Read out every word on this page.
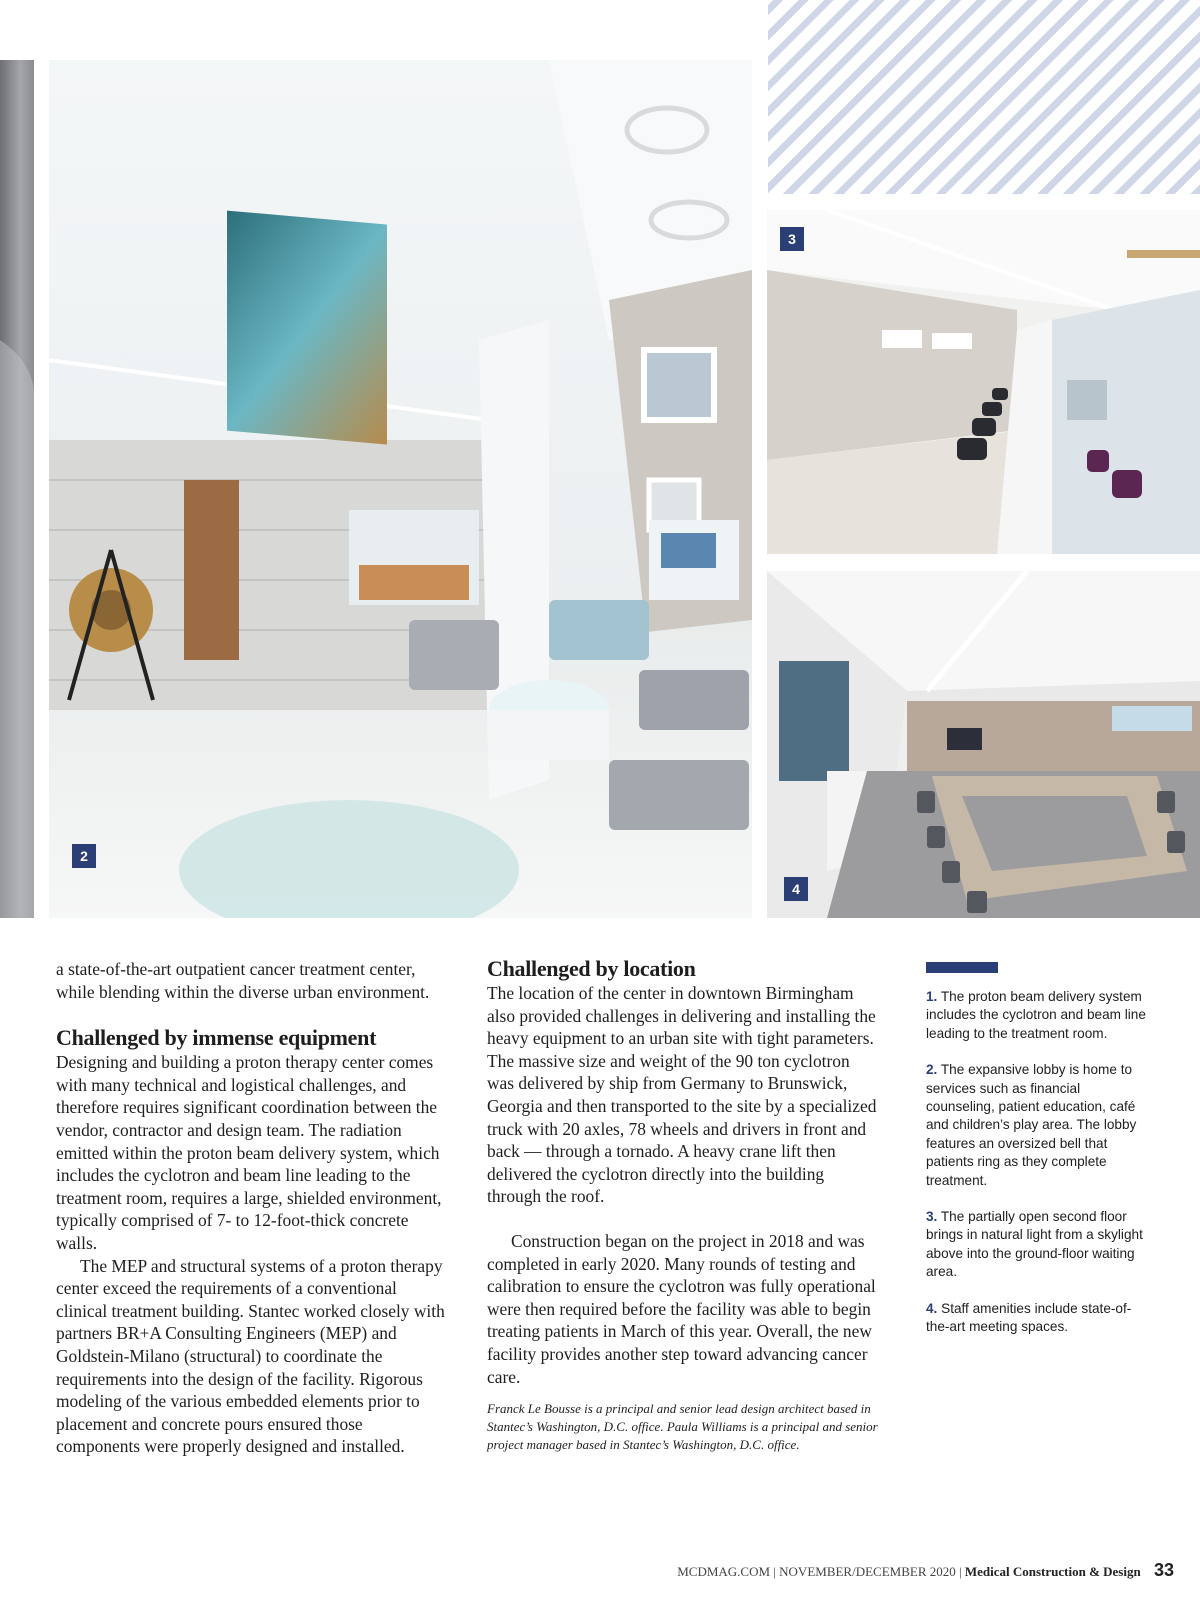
2
3
4

a state-of-the-art outpatient cancer treatment center, while blending within the diverse urban environment.

Challenged by immense equipment

Designing and building a proton therapy center comes with many technical and logistical challenges, and therefore requires significant coordination between the vendor, contractor and design team. The radiation emitted within the proton beam delivery system, which includes the cyclotron and beam line leading to the treatment room, requires a large, shielded environment, typically comprised of 7- to 12-foot-thick concrete walls.

The MEP and structural systems of a proton therapy center exceed the requirements of a conventional clinical treatment building. Stantec worked closely with partners BR+A Consulting Engineers (MEP) and Goldstein-Milano (structural) to coordinate the requirements into the design of the facility. Rigorous modeling of the various embedded elements prior to placement and concrete pours ensured those components were properly designed and installed.

Challenged by location

The location of the center in downtown Birmingham also provided challenges in delivering and installing the heavy equipment to an urban site with tight parameters. The massive size and weight of the 90 ton cyclotron was delivered by ship from Germany to Brunswick, Georgia and then transported to the site by a specialized truck with 20 axles, 78 wheels and drivers in front and back — through a tornado. A heavy crane lift then delivered the cyclotron directly into the building through the roof.

Construction began on the project in 2018 and was completed in early 2020. Many rounds of testing and calibration to ensure the cyclotron was fully operational were then required before the facility was able to begin treating patients in March of this year. Overall, the new facility provides another step toward advancing cancer care.

Franck Le Bousse is a principal and senior lead design architect based in Stantec’s Washington, D.C. office. Paula Williams is a principal and senior project manager based in Stantec’s Washington, D.C. office.

1. The proton beam delivery system includes the cyclotron and beam line leading to the treatment room.

2. The expansive lobby is home to services such as financial counseling, patient education, café and children’s play area. The lobby features an oversized bell that patients ring as they complete treatment.

3. The partially open second floor brings in natural light from a skylight above into the ground-floor waiting area.

4. Staff amenities include state-of-the-art meeting spaces.

MCDMAG.COM | NOVEMBER/DECEMBER 2020 | Medical Construction & Design 33
